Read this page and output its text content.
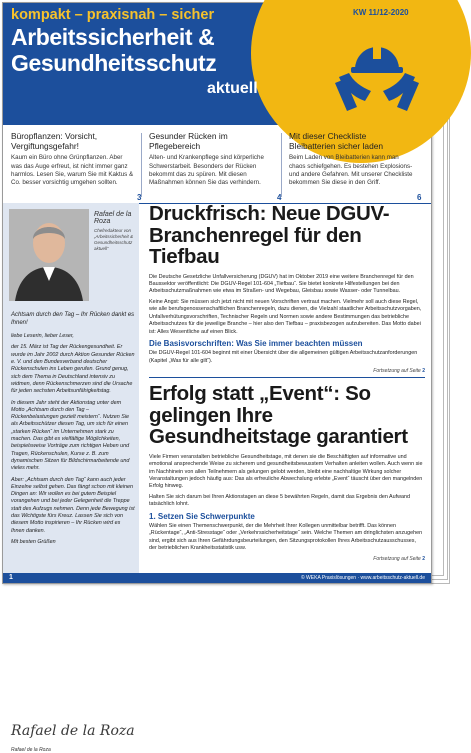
kompakt – praxisnah – sicher
Arbeitssicherheit &
Gesundheitsschutz
aktuell
KW 11/12-2020
Büropflanzen: Vorsicht, Vergiftungsgefahr!

Kaum ein Büro ohne Grünpflanzen. Aber was das Auge erfreut, ist nicht immer ganz harmlos. Lesen Sie, warum Sie mit Kaktus & Co. besser vorsichtig umgehen sollten.

3
Gesunder Rücken im Pflegebereich

Alten- und Krankenpflege sind körperliche Schwerstarbeit. Besonders der Rücken bekommt das zu spüren. Mit diesen Maßnahmen können Sie das verhindern.

4
Mit dieser Checkliste Bleibatterien sicher laden

Beim Laden von Bleibatterien kann man chaos schiefgehen. Es bestehen Explosions- und andere Gefahren. Mit unserer Checkliste bekommen Sie diese in den Griff.

6
Rafael de la Roza
Chefredakteur von „Arbeitssicherheit & Gesundheitsschutz aktuell“

Achtsam durch den Tag – Ihr Rücken dankt es Ihnen!

liebe Leserin, lieber Leser,

der 15. März ist Tag der Rückengesundheit. Er wurde im Jahr 2002 durch Aktion Gesunder Rücken e. V. und den Bundesverband deutscher Rückenschulen ins Leben gerufen. Grund genug, sich dem Thema in Deutschland intensiv zu widmen, denn Rückenschmerzen sind die Ursache für jeden sechsten Arbeitsunfähigkeitstag.

In diesem Jahr steht der Aktionstag unter dem Motto „Achtsam durch den Tag – Rückenbelastungen gezielt meistern“. Nutzen Sie als Arbeitsschützer diesen Tag, um sich für einen „starken Rücken“ im Unternehmen stark zu machen. Das gibt es vielfältige Möglichkeiten, beispielsweise Vorträge zum richtigen Heben und Tragen, Rückenschulen, Kurse z. B. zum dynamischen Sitzen für Bildschirmarbeitende und vieles mehr.

Aber: „Achtsam durch den Tag“ kann auch jeder Einzelne selbst gehen. Das fängt schon mit kleinen Dingen an: Wir wollen es bei gutem Beispiel vorangehen und bei jeder Gelegenheit die Treppe statt des Aufzugs nehmen. Denn jede Bewegung ist das Wichtigste fürs Kreuz. Lassen Sie sich von diesem Motto inspirieren – Ihr Rücken wird es Ihnen danken.

Mit besten Grüßen

Rafael de la Roza
Rafael de la Roza
Druckfrisch: Neue DGUV-Branchenregel für den Tiefbau

Die Deutsche Gesetzliche Unfallversicherung (DGUV) hat im Oktober 2019 eine weitere Branchenregel für den Baussektor veröffentlicht: Die DGUV-Regel 101-604 „Tiefbau“. Sie bietet konkrete Hilfestellungen bei den Arbeitsschutzmaßnahmen wie etwa im Straßen- und Wegebau, Gleisbau sowie Wasser- oder Tunnelbau.

Keine Angst: Sie müssen sich jetzt nicht mit neuen Vorschriften vertraut machen. Vielmehr soll auch diese Regel, wie alle berufsgenossenschaftlichen Branchenregeln, dazu dienen, die Vielzahl staatlicher Arbeitsschutzvorgaben, Unfallverhütungsvorschriften, Technischer Regeln und Normen sowie andere Bestimmungen das betriebliche Arbeitsschutzes für die jeweilige Branche – hier also den Tiefbau – praxisbezogen aufzubereiten. Das Motto dabei ist: Alles Wesentliche auf einen Blick.

Die Basisvorschriften: Was Sie immer beachten müssen

Die DGUV-Regel 101-604 beginnt mit einer Übersicht über die allgemeinen gültigen Arbeitsschutzanforderungen (Kapitel „Was für alle gilt“).

Fortsetzung auf Seite 2
Erfolg statt „Event“: So gelingen Ihre Gesundheitstage garantiert

Viele Firmen veranstalten betriebliche Gesundheitstage, mit denen sie die Beschäftigten auf informative und emotional ansprechende Weise zu sicherem und gesundheitsbewusstem Verhalten anleiten wollen. Auch wenn sie im Nachhinein von allen Teilnehmern als gelungen gelobt werden, bleibt eine nachhaltige Wirkung solcher Veranstaltungen jedoch häufig aus: Das als erfreuliche Abwechslung erlebte „Event“ täuscht über den mangelnden Erfolg hinweg.

Halten Sie sich darum bei Ihren Aktionstagen an diese 5 bewährten Regeln, damit das Ergebnis den Aufwand tatsächlich lohnt.

1. Setzen Sie Schwerpunkte

Wählen Sie einen Themenschwerpunkt, der die Mehrheit Ihrer Kollegen unmittelbar betrifft. Das können „Rückentage“, „Anti-Stresstage“ oder „Verkehrssicherheitstage“ sein. Welche Themen am dringlichsten anzugehen sind, ergibt sich aus Ihren Gefährdungsbeurteilungen, den Sitzungsprotokollen Ihres Arbeitsschutzausschusses, der betrieblichen Krankheitsstatistik usw.

Fortsetzung auf Seite 2
1	© WEKA Praxislösungen · www.arbeitsschutz-aktuell.de
